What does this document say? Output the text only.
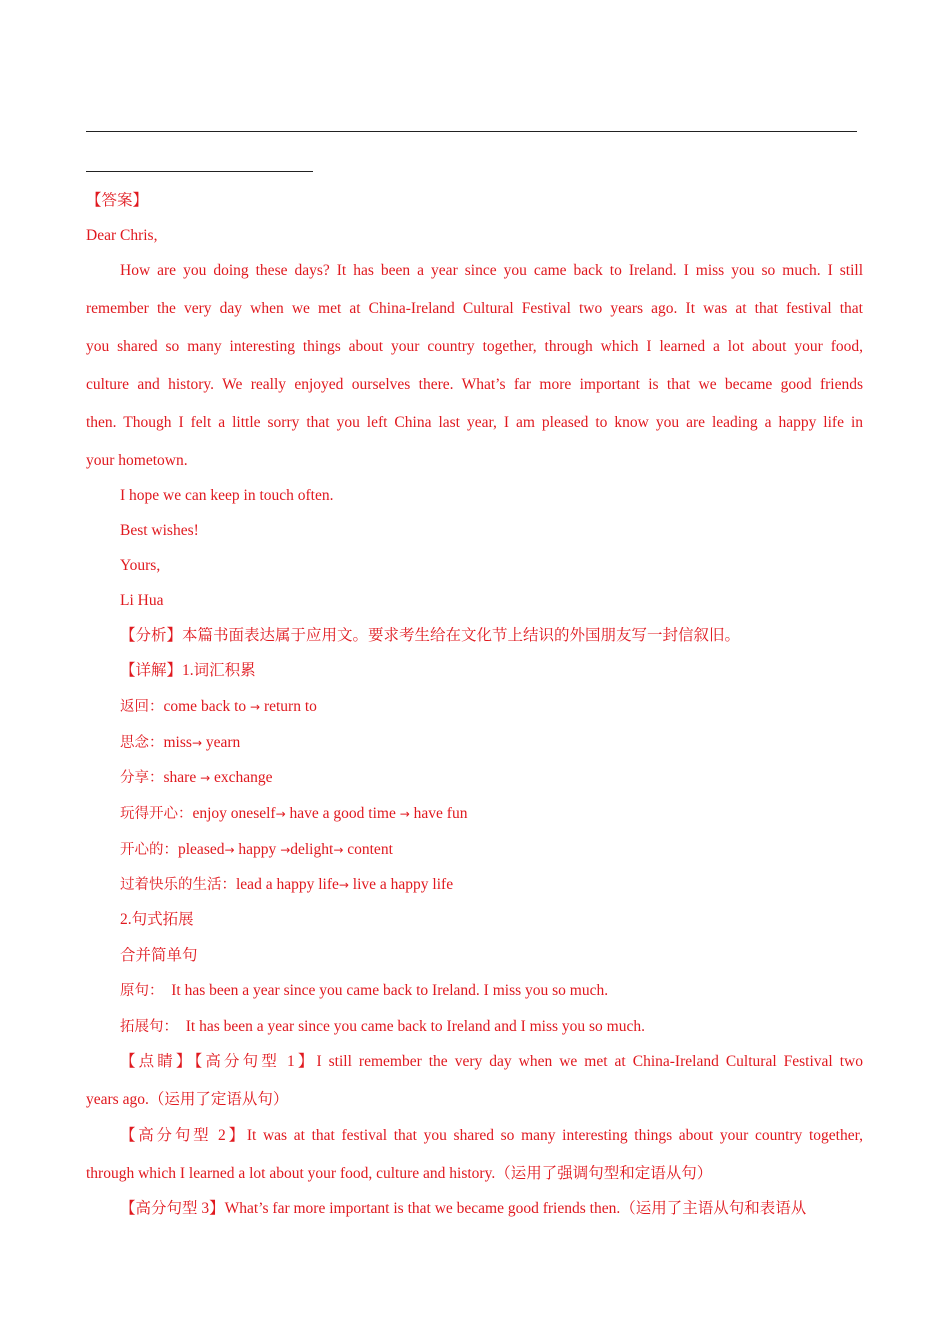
【答案】
Dear Chris,
How are you doing these days? It has been a year since you came back to Ireland. I miss you so much. I still
remember the very day when we met at China-Ireland Cultural Festival two years ago. It was at that festival that
you shared so many interesting things about your country together, through which I learned a lot about your food,
culture and history. We really enjoyed ourselves there. What’s far more important is that we became good friends
then. Though I felt a little sorry that you left China last year, I am pleased to know you are leading a happy life in
your hometown.
I hope we can keep in touch often.
Best wishes!
Yours,
Li Hua
【分析】本篇书面表达属于应用文。要求考生给在文化节上结识的外国朋友写一封信叙旧。
【详解】1.词汇积累
返回：come back to → return to
思念：miss→ yearn
分享：share → exchange
玩得开心：enjoy oneself→ have a good time → have fun
开心的：pleased→ happy →delight→ content
过着快乐的生活：lead a happy life→ live a happy life
2.句式拓展
合并简单句
原句： It has been a year since you came back to Ireland. I miss you so much.
拓展句： It has been a year since you came back to Ireland and I miss you so much.
【点睛】【高分句型 1】I still remember the very day when we met at China-Ireland Cultural Festival two
years ago.（运用了定语从句）
【高分句型 2】It was at that festival that you shared so many interesting things about your country together,
through which I learned a lot about your food, culture and history.（运用了强调句型和定语从句）
【高分句型 3】What’s far more important is that we became good friends then.（运用了主语从句和表语从
